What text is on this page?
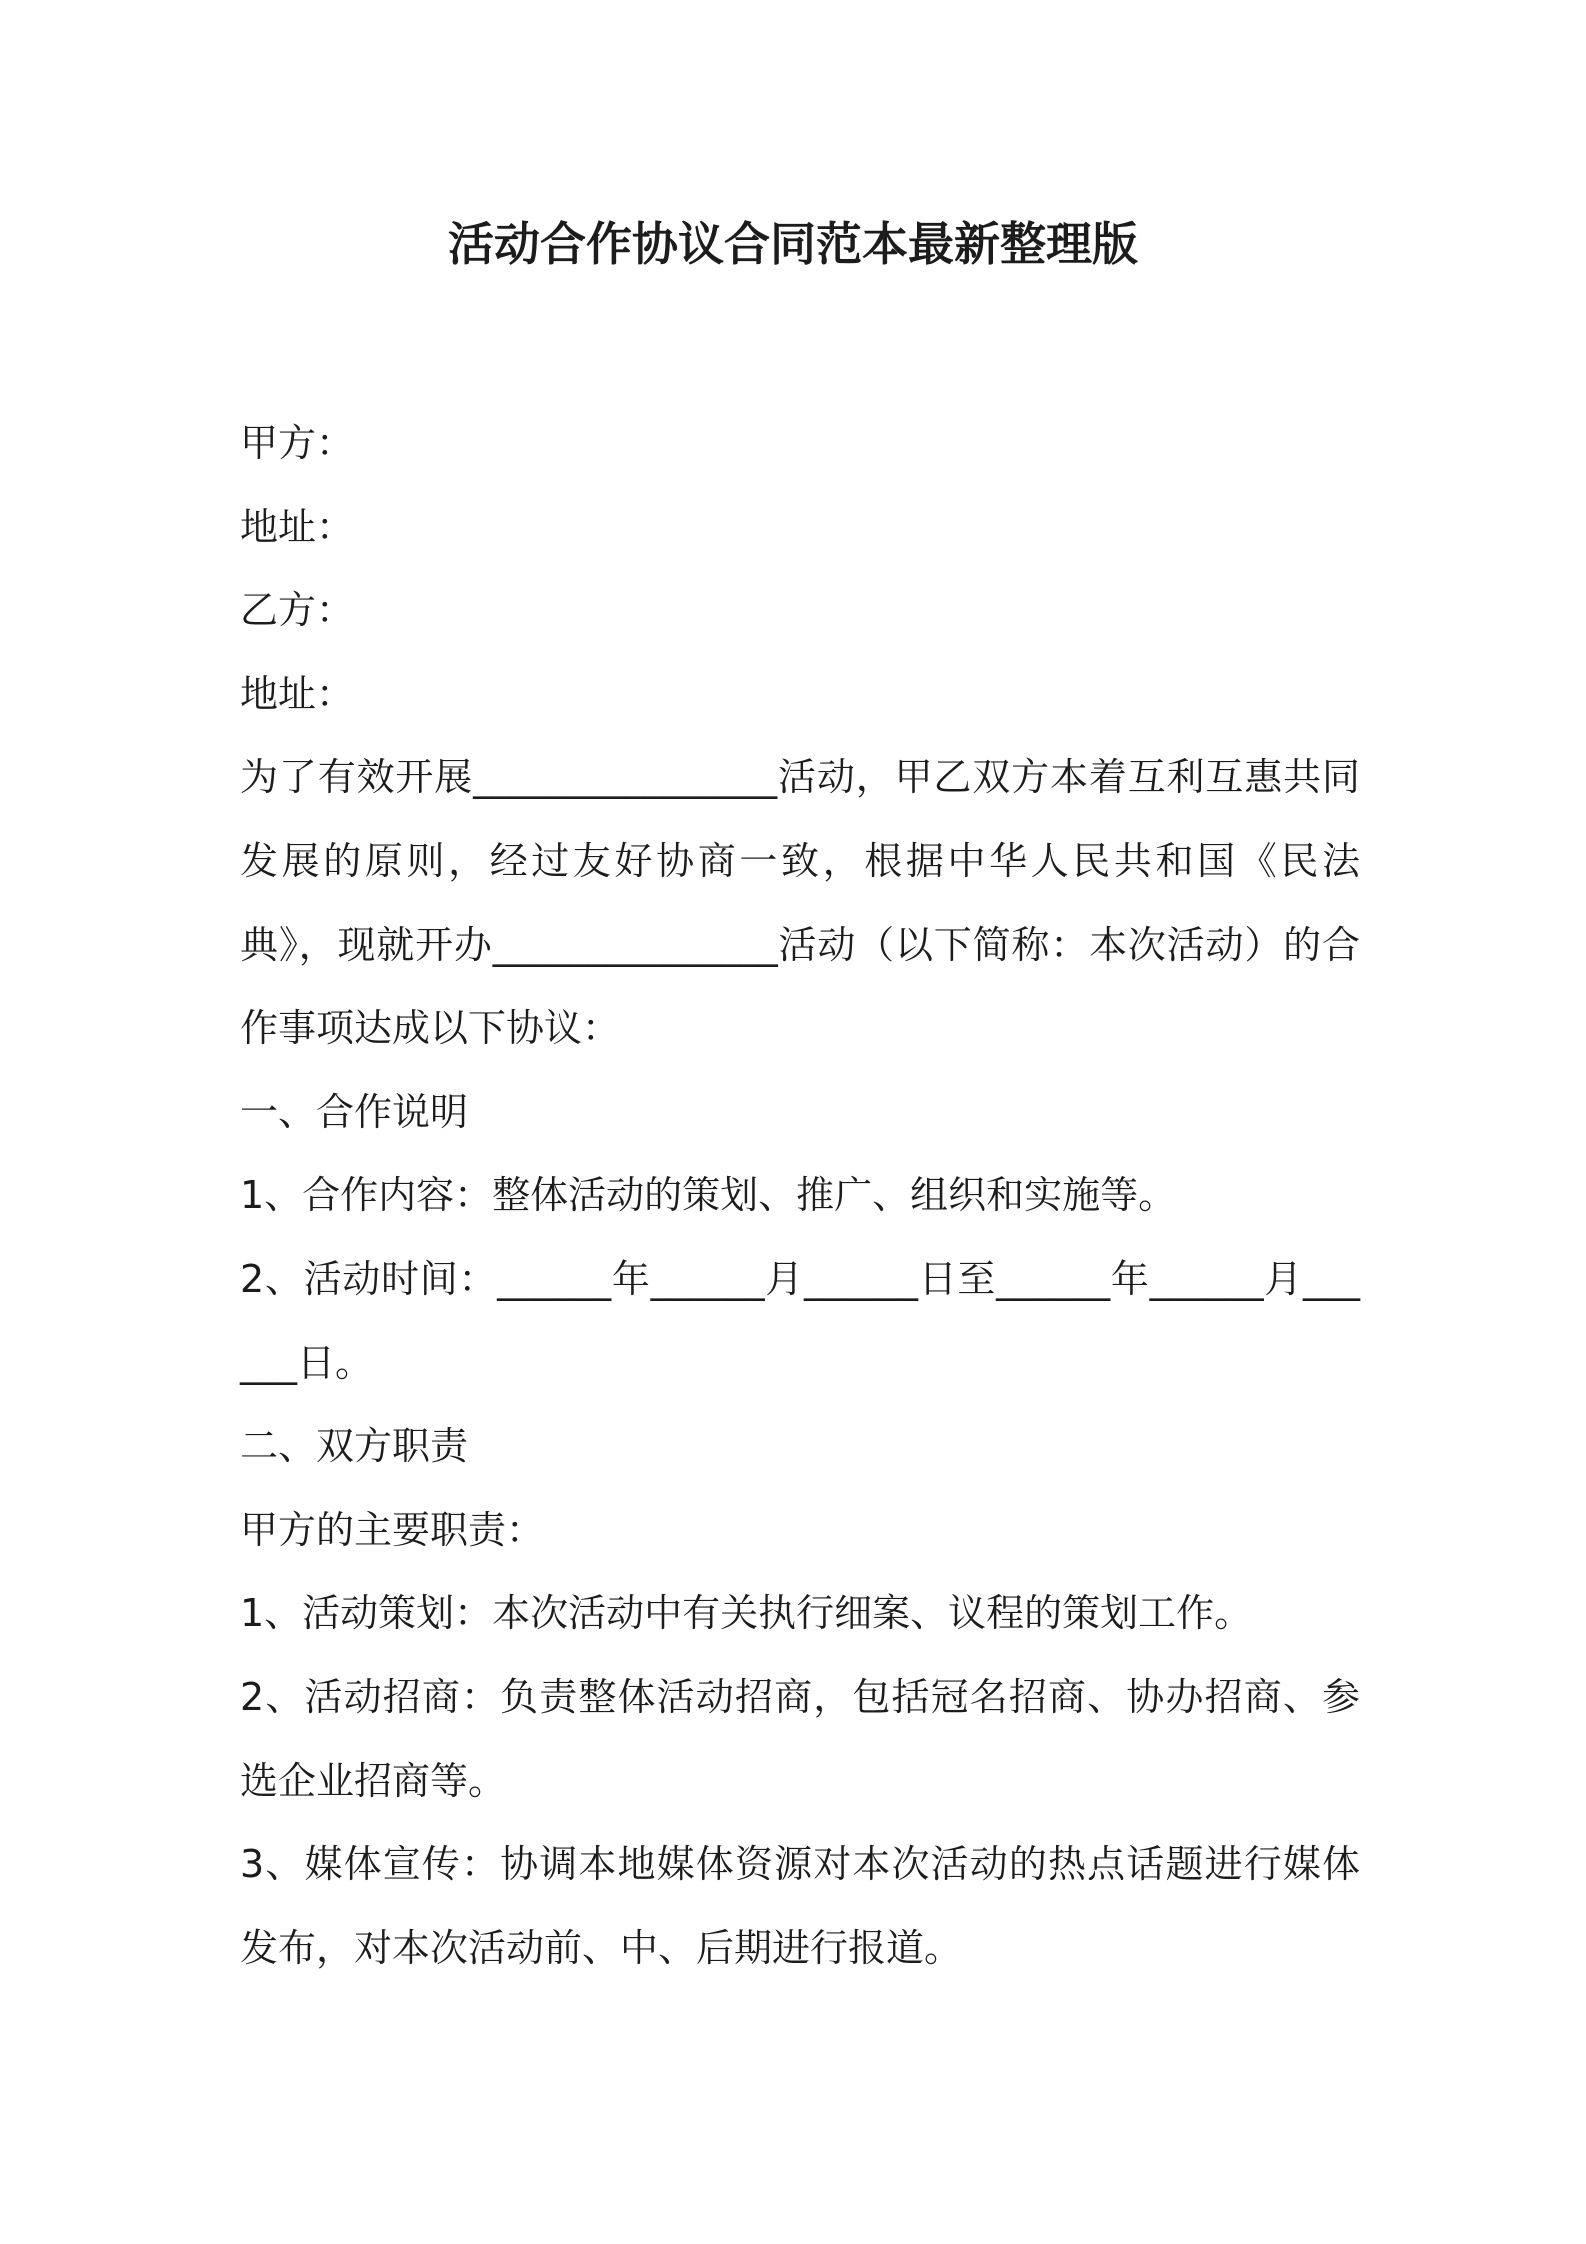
活动合作协议合同范本最新整理版

甲方：

地址：

乙方：

地址：

为了有效开展________________活动，甲乙双方本着互利互惠共同发展的原则，经过友好协商一致，根据中华人民共和国《民法典》，现就开办_______________活动（以下简称：本次活动）的合作事项达成以下协议：

一、合作说明

1、合作内容：整体活动的策划、推广、组织和实施等。

2、活动时间：______年______月______日至______年______月______日。

二、双方职责

甲方的主要职责：

1、活动策划：本次活动中有关执行细案、议程的策划工作。

2、活动招商：负责整体活动招商，包括冠名招商、协办招商、参选企业招商等。

3、媒体宣传：协调本地媒体资源对本次活动的热点话题进行媒体发布，对本次活动前、中、后期进行报道。
